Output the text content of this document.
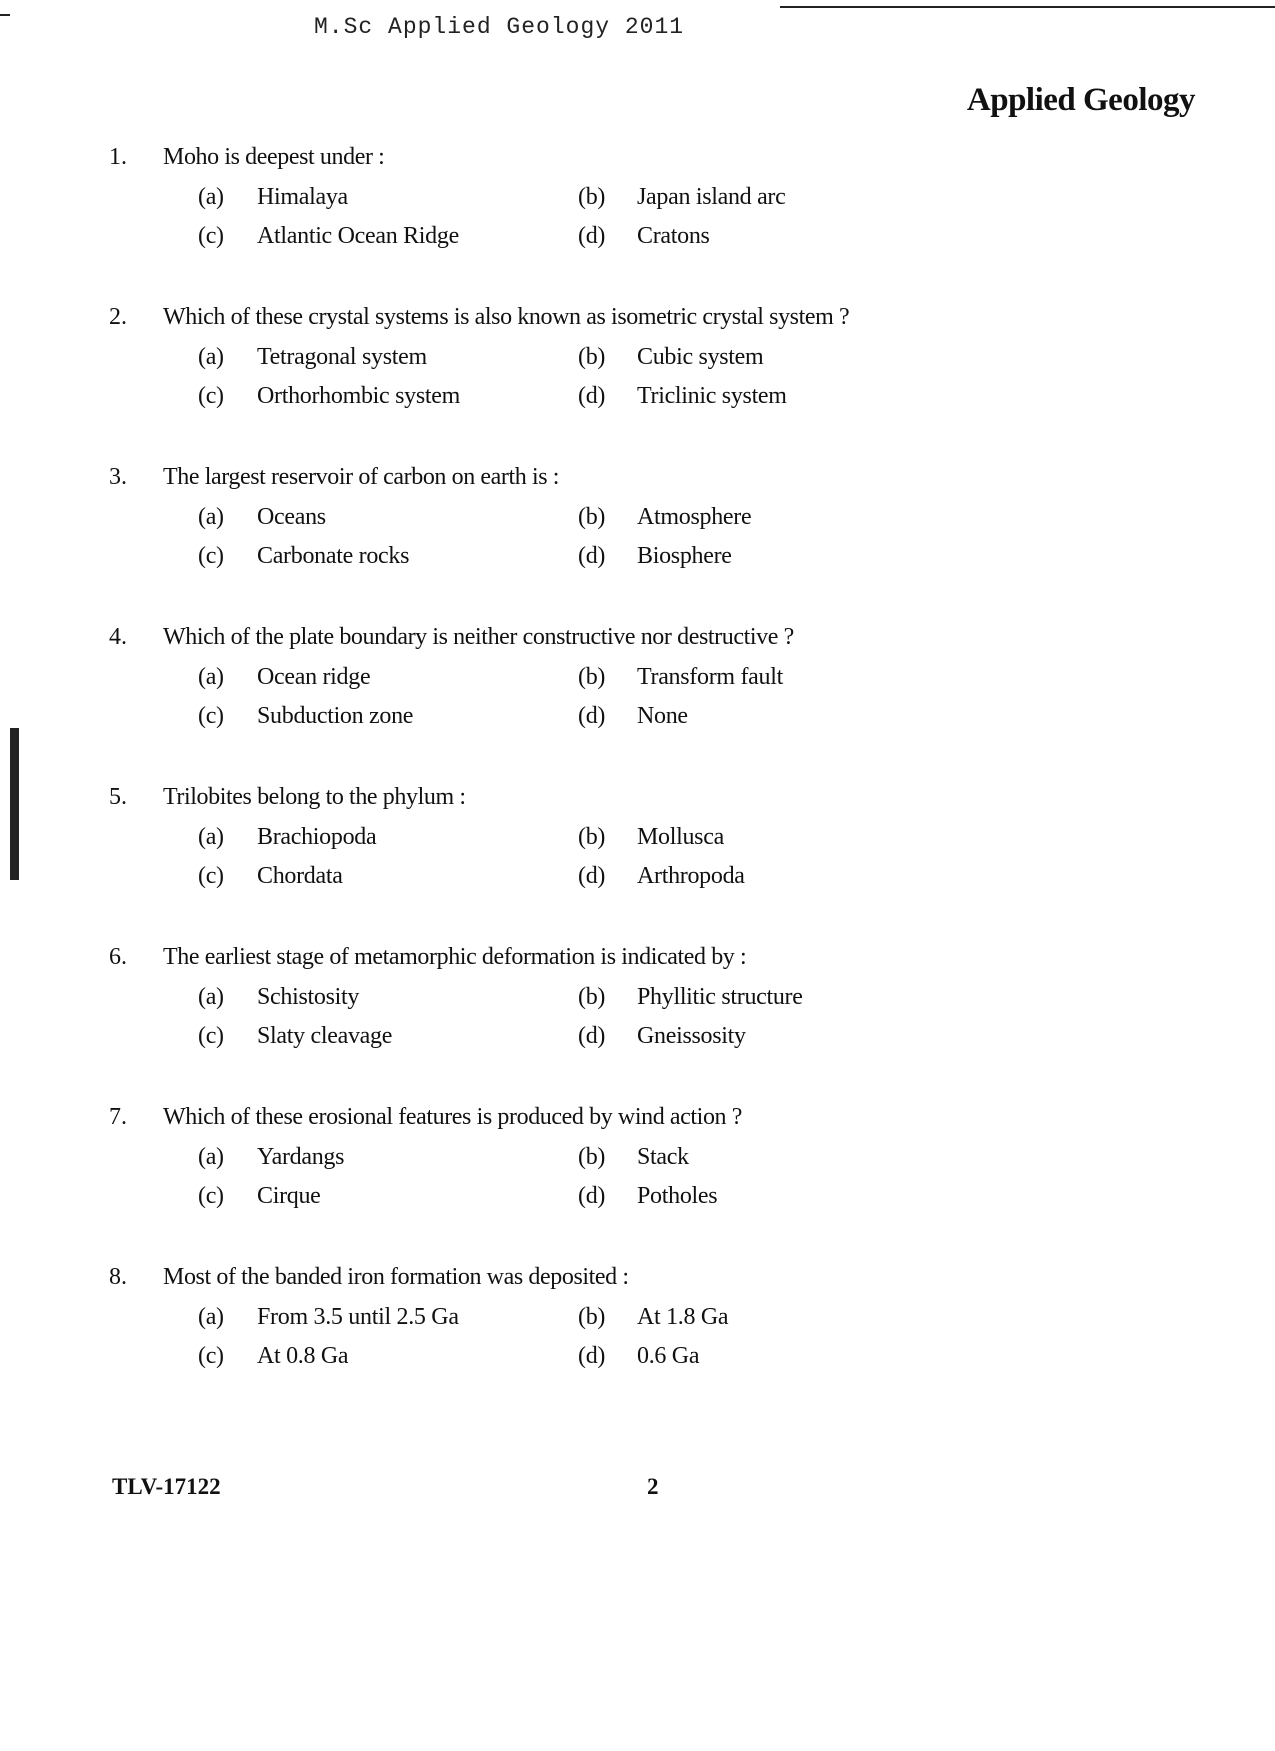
M.Sc Applied Geology 2011
Applied Geology
1. Moho is deepest under :
(a) Himalaya	(b) Japan island arc
(c) Atlantic Ocean Ridge	(d) Cratons
2. Which of these crystal systems is also known as isometric crystal system ?
(a) Tetragonal system	(b) Cubic system
(c) Orthorhombic system	(d) Triclinic system
3. The largest reservoir of carbon on earth is :
(a) Oceans	(b) Atmosphere
(c) Carbonate rocks	(d) Biosphere
4. Which of the plate boundary is neither constructive nor destructive ?
(a) Ocean ridge	(b) Transform fault
(c) Subduction zone	(d) None
5. Trilobites belong to the phylum :
(a) Brachiopoda	(b) Mollusca
(c) Chordata	(d) Arthropoda
6. The earliest stage of metamorphic deformation is indicated by :
(a) Schistosity	(b) Phyllitic structure
(c) Slaty cleavage	(d) Gneissosity
7. Which of these erosional features is produced by wind action ?
(a) Yardangs	(b) Stack
(c) Cirque	(d) Potholes
8. Most of the banded iron formation was deposited :
(a) From 3.5 until 2.5 Ga	(b) At 1.8 Ga
(c) At 0.8 Ga	(d) 0.6 Ga
TLV-17122	2
